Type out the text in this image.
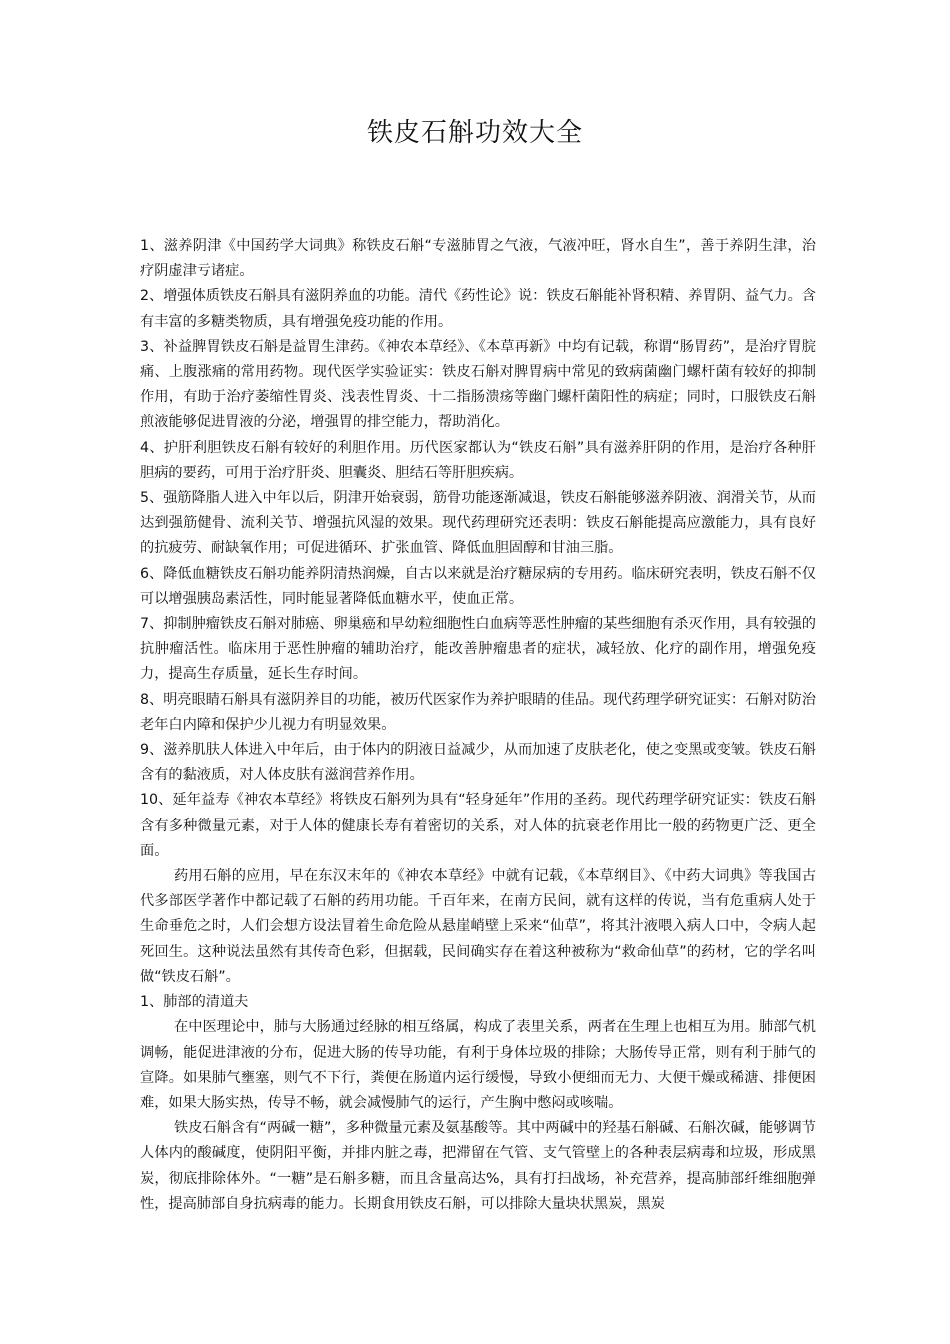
铁皮石斛功效大全

1、滋养阴津《中国药学大词典》称铁皮石斛“专滋肺胃之气液，气液冲旺，肾水自生”，善于养阴生津，治疗阴虚津亏诸症。

2、增强体质铁皮石斛具有滋阴养血的功能。清代《药性论》说：铁皮石斛能补肾积精、养胃阴、益气力。含有丰富的多糖类物质，具有增强免疫功能的作用。

3、补益脾胃铁皮石斛是益胃生津药。《神农本草经》、《本草再新》中均有记载，称谓“肠胃药”，是治疗胃脘痛、上腹涨痛的常用药物。现代医学实验证实：铁皮石斛对脾胃病中常见的致病菌幽门螺杆菌有较好的抑制作用，有助于治疗萎缩性胃炎、浅表性胃炎、十二指肠溃疡等幽门螺杆菌阳性的病症；同时，口服铁皮石斛煎液能够促进胃液的分泌，增强胃的排空能力，帮助消化。

4、护肝利胆铁皮石斛有较好的利胆作用。历代医家都认为“铁皮石斛”具有滋养肝阴的作用，是治疗各种肝胆病的要药，可用于治疗肝炎、胆囊炎、胆结石等肝胆疾病。

5、强筋降脂人进入中年以后，阴津开始衰弱，筋骨功能逐渐减退，铁皮石斛能够滋养阴液、润滑关节，从而达到强筋健骨、流利关节、增强抗风湿的效果。现代药理研究还表明：铁皮石斛能提高应激能力，具有良好的抗疲劳、耐缺氧作用；可促进循环、扩张血管、降低血胆固醇和甘油三脂。

6、降低血糖铁皮石斛功能养阴清热润燥，自古以来就是治疗糖尿病的专用药。临床研究表明，铁皮石斛不仅可以增强胰岛素活性，同时能显著降低血糖水平，使血正常。

7、抑制肿瘤铁皮石斛对肺癌、卵巢癌和早幼粒细胞性白血病等恶性肿瘤的某些细胞有杀灭作用，具有较强的抗肿瘤活性。临床用于恶性肿瘤的辅助治疗，能改善肿瘤患者的症状，减轻放、化疗的副作用，增强免疫力，提高生存质量，延长生存时间。

8、明亮眼睛石斛具有滋阴养目的功能，被历代医家作为养护眼睛的佳品。现代药理学研究证实：石斛对防治老年白内障和保护少儿视力有明显效果。

9、滋养肌肤人体进入中年后，由于体内的阴液日益减少，从而加速了皮肤老化，使之变黑或变皱。铁皮石斛含有的黏液质，对人体皮肤有滋润营养作用。

10、延年益寿《神农本草经》将铁皮石斛列为具有“轻身延年”作用的圣药。现代药理学研究证实：铁皮石斛含有多种微量元素，对于人体的健康长寿有着密切的关系，对人体的抗衰老作用比一般的药物更广泛、更全面。

药用石斛的应用，早在东汉末年的《神农本草经》中就有记载，《本草纲目》、《中药大词典》等我国古代多部医学著作中都记载了石斛的药用功能。千百年来，在南方民间，就有这样的传说，当有危重病人处于生命垂危之时，人们会想方设法冒着生命危险从悬崖峭壁上采来“仙草”，将其汁液喂入病人口中，令病人起死回生。这种说法虽然有其传奇色彩，但据载，民间确实存在着这种被称为“救命仙草”的药材，它的学名叫做“铁皮石斛”。

1、肺部的清道夫

在中医理论中，肺与大肠通过经脉的相互络属，构成了表里关系，两者在生理上也相互为用。肺部气机调畅，能促进津液的分布，促进大肠的传导功能，有利于身体垃圾的排除；大肠传导正常，则有利于肺气的宣降。如果肺气壅塞，则气不下行，粪便在肠道内运行缓慢，导致小便细而无力、大便干燥或稀溏、排便困难，如果大肠实热，传导不畅，就会减慢肺气的运行，产生胸中憋闷或咳喘。

铁皮石斛含有“两碱一糖”，多种微量元素及氨基酸等。其中两碱中的羟基石斛碱、石斛次碱，能够调节人体内的酸碱度，使阴阳平衡，并排内脏之毒，把滞留在气管、支气管壁上的各种表层病毒和垃圾，形成黑炭，彻底排除体外。“一糖”是石斛多糖，而且含量高达%，具有打扫战场，补充营养，提高肺部纤维细胞弹性，提高肺部自身抗病毒的能力。长期食用铁皮石斛，可以排除大量块状黑炭，黑炭
